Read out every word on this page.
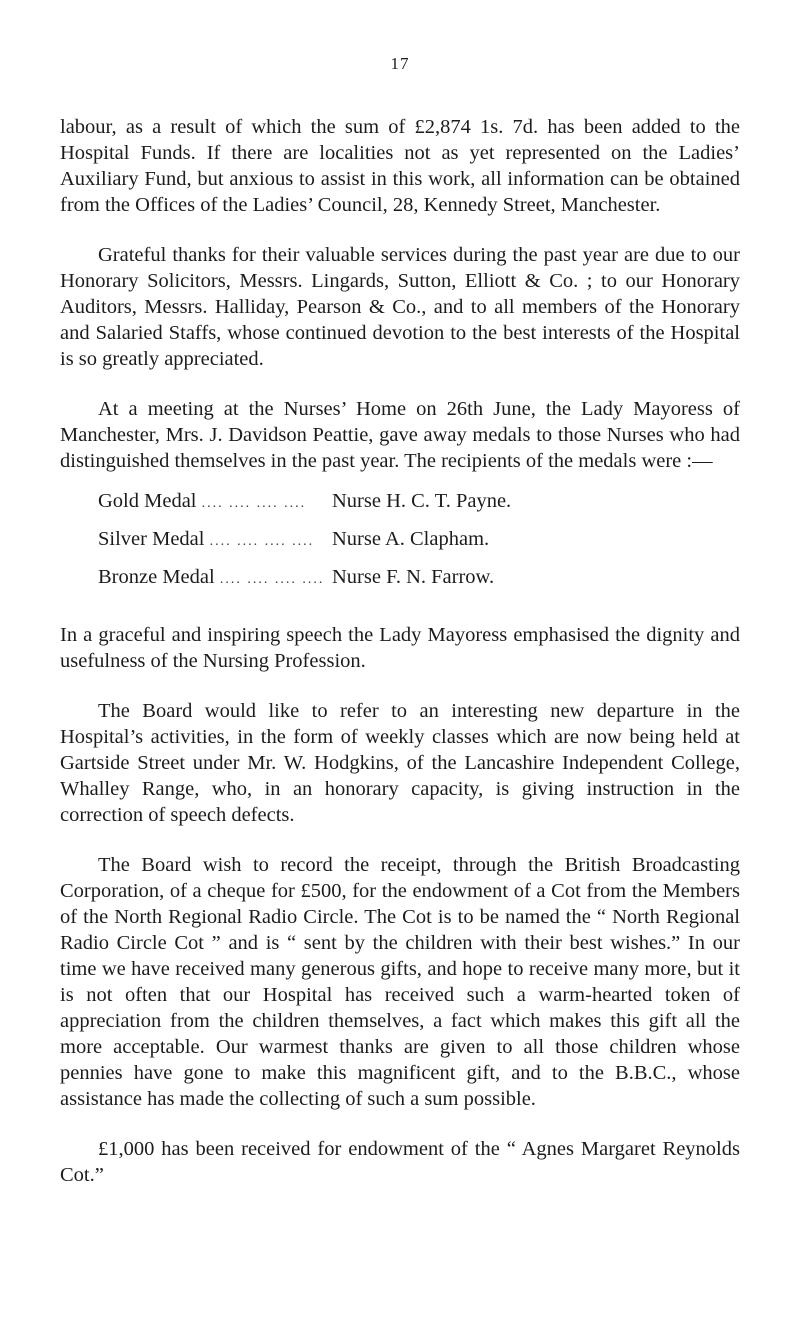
17

labour, as a result of which the sum of £2,874 1s. 7d. has been added to the Hospital Funds. If there are localities not as yet represented on the Ladies’ Auxiliary Fund, but anxious to assist in this work, all information can be obtained from the Offices of the Ladies’ Council, 28, Kennedy Street, Manchester.

Grateful thanks for their valuable services during the past year are due to our Honorary Solicitors, Messrs. Lingards, Sutton, Elliott & Co. ; to our Honorary Auditors, Messrs. Halliday, Pearson & Co., and to all members of the Honorary and Salaried Staffs, whose continued devotion to the best interests of the Hospital is so greatly appreciated.

At a meeting at the Nurses’ Home on 26th June, the Lady Mayoress of Manchester, Mrs. J. Davidson Peattie, gave away medals to those Nurses who had distinguished themselves in the past year. The recipients of the medals were :—

Gold Medal .... .... .... ....	Nurse H. C. T. Payne.
Silver Medal .... .... .... .... Nurse A. Clapham.
Bronze Medal .... .... .... .... Nurse F. N. Farrow.

In a graceful and inspiring speech the Lady Mayoress emphasised the dignity and usefulness of the Nursing Profession.

The Board would like to refer to an interesting new departure in the Hospital’s activities, in the form of weekly classes which are now being held at Gartside Street under Mr. W. Hodgkins, of the Lancashire Independent College, Whalley Range, who, in an honorary capacity, is giving instruction in the correction of speech defects.

The Board wish to record the receipt, through the British Broadcasting Corporation, of a cheque for £500, for the endowment of a Cot from the Members of the North Regional Radio Circle. The Cot is to be named the “ North Regional Radio Circle Cot ” and is “ sent by the children with their best wishes.” In our time we have received many generous gifts, and hope to receive many more, but it is not often that our Hospital has received such a warm-hearted token of appreciation from the children themselves, a fact which makes this gift all the more acceptable. Our warmest thanks are given to all those children whose pennies have gone to make this magnificent gift, and to the B.B.C., whose assistance has made the collecting of such a sum possible.

£1,000 has been received for endowment of the “ Agnes Margaret Reynolds Cot.”
